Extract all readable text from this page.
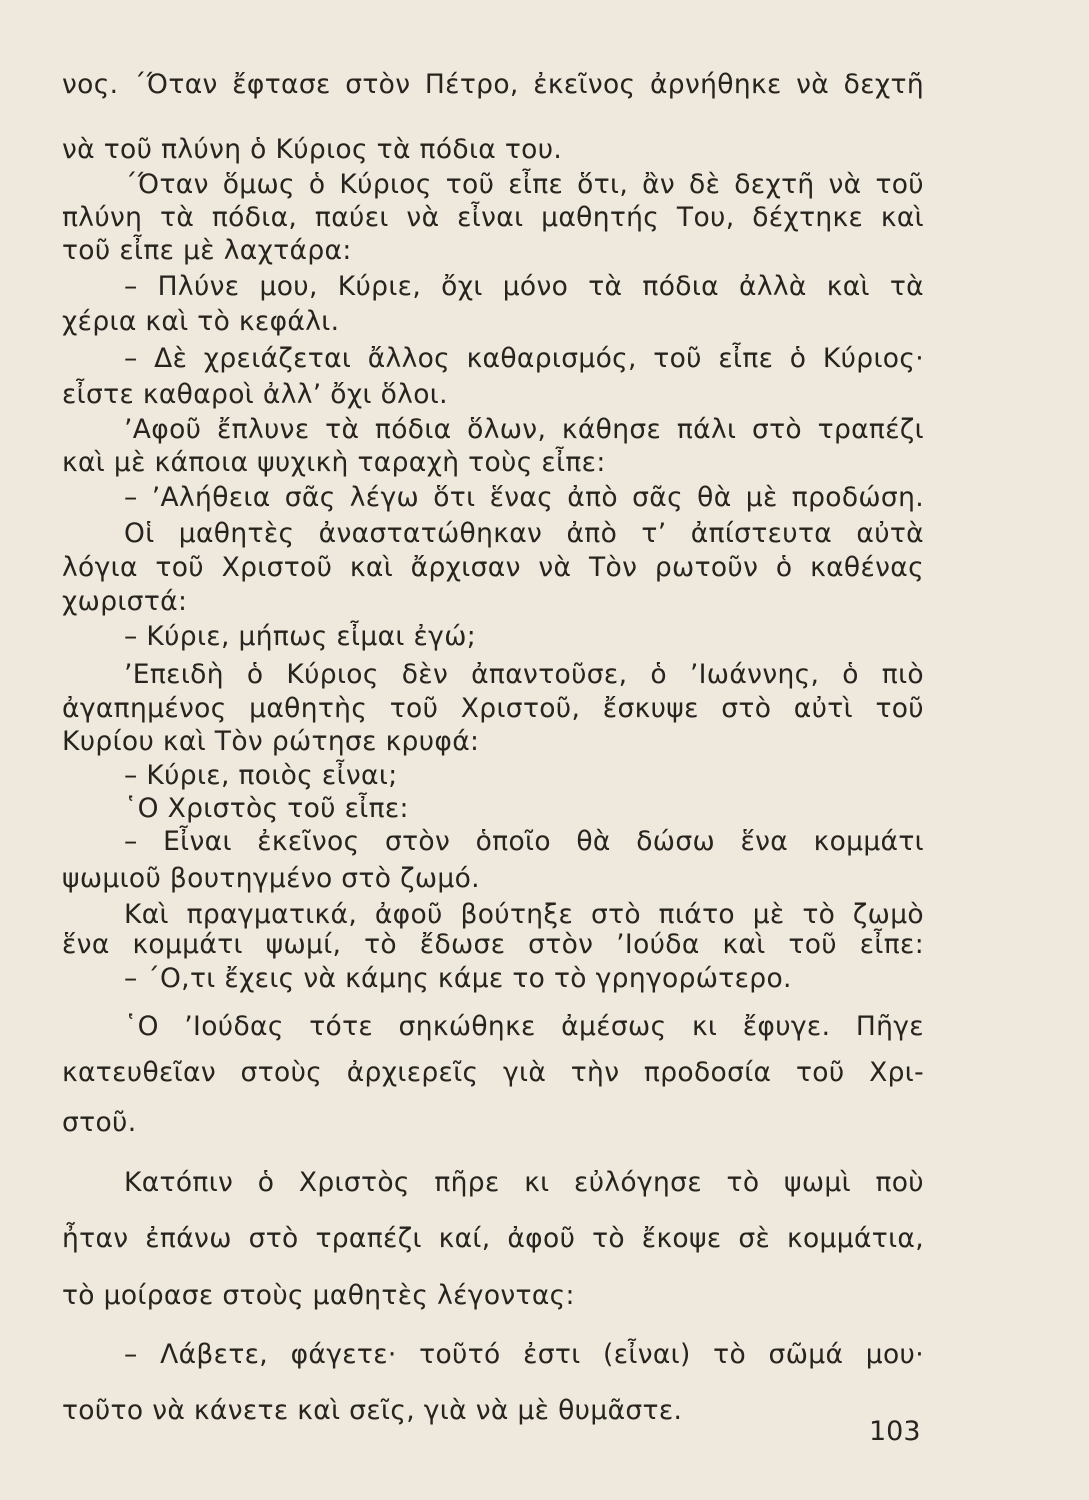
νος. ΄Όταν ἔφτασε στὸν Πέτρο, ἐκεῖνος ἀρνήθηκε νὰ δεχτῆ
νὰ τοῦ πλύνη ὁ Κύριος τὰ πόδια του.
΄Όταν ὅμως ὁ Κύριος τοῦ εἶπε ὅτι, ἂν δὲ δεχτῆ νὰ τοῦ
πλύνη τὰ πόδια, παύει νὰ εἶναι μαθητής Του, δέχτηκε καὶ
τοῦ εἶπε μὲ λαχτάρα:
– Πλύνε μου, Κύριε, ὄχι μόνο τὰ πόδια ἀλλὰ καὶ τὰ
χέρια καὶ τὸ κεφάλι.
– Δὲ χρειάζεται ἄλλος καθαρισμός, τοῦ εἶπε ὁ Κύριος·
εἶστε καθαροὶ ἀλλ’ ὄχι ὅλοι.
’Αφοῦ ἔπλυνε τὰ πόδια ὅλων, κάθησε πάλι στὸ τραπέζι
καὶ μὲ κάποια ψυχικὴ ταραχὴ τοὺς εἶπε:
– ’Αλήθεια σᾶς λέγω ὅτι ἕνας ἀπὸ σᾶς θὰ μὲ προδώση.
Οἱ μαθητὲς ἀναστατώθηκαν ἀπὸ τ’ ἀπίστευτα αὐτὰ
λόγια τοῦ Χριστοῦ καὶ ἄρχισαν νὰ Τὸν ρωτοῦν ὁ καθένας
χωριστά:
– Κύριε, μήπως εἶμαι ἐγώ;
’Επειδὴ ὁ Κύριος δὲν ἀπαντοῦσε, ὁ ’Ιωάννης, ὁ πιὸ
ἀγαπημένος μαθητὴς τοῦ Χριστοῦ, ἔσκυψε στὸ αὐτὶ τοῦ
Κυρίου καὶ Τὸν ρώτησε κρυφά:
– Κύριε, ποιὸς εἶναι;
῾Ο Χριστὸς τοῦ εἶπε:
– Εἶναι ἐκεῖνος στὸν ὁποῖο θὰ δώσω ἕνα κομμάτι
ψωμιοῦ βουτηγμένο στὸ ζωμό.
Καὶ πραγματικά, ἀφοῦ βούτηξε στὸ πιάτο μὲ τὸ ζωμὸ
ἕνα κομμάτι ψωμί, τὸ ἔδωσε στὸν ’Ιούδα καὶ τοῦ εἶπε:
– ΄Ο,τι ἔχεις νὰ κάμης κάμε το τὸ γρηγορώτερο.
῾Ο ’Ιούδας τότε σηκώθηκε ἀμέσως κι ἔφυγε. Πῆγε
κατευθεῖαν στοὺς ἀρχιερεῖς γιὰ τὴν προδοσία τοῦ Χρι-
στοῦ.
Κατόπιν ὁ Χριστὸς πῆρε κι εὐλόγησε τὸ ψωμὶ ποὺ
ἦταν ἐπάνω στὸ τραπέζι καί, ἀφοῦ τὸ ἔκοψε σὲ κομμάτια,
τὸ μοίρασε στοὺς μαθητὲς λέγοντας:
– Λάβετε, φάγετε· τοῦτό ἐστι (εἶναι) τὸ σῶμά μου·
τοῦτο νὰ κάνετε καὶ σεῖς, γιὰ νὰ μὲ θυμᾶστε.
103
